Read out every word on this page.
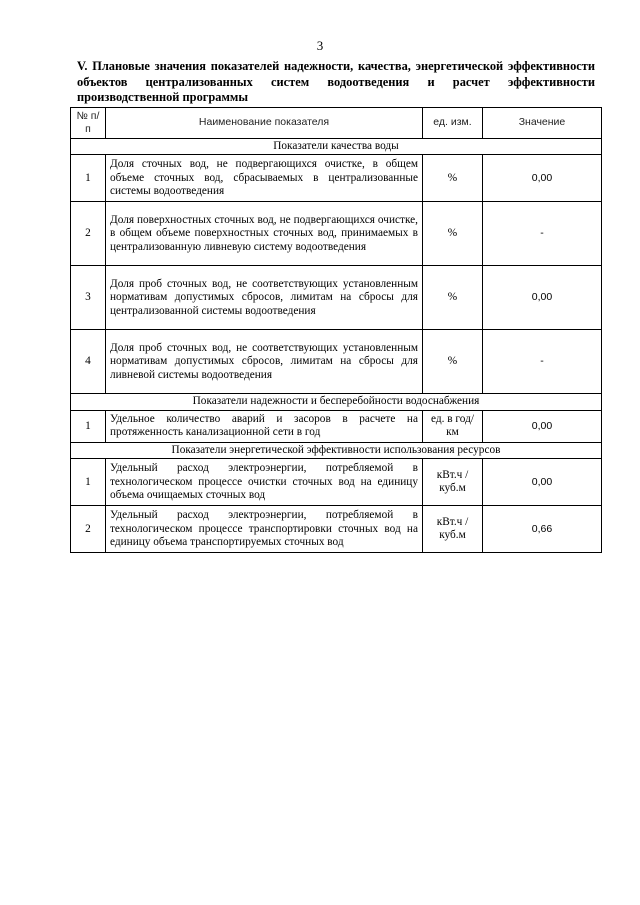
3
V. Плановые значения показателей надежности, качества, энергетической эффективности объектов централизованных систем водоотведения и расчет эффективности производственной программы
№ п/п	Наименование показателя	ед. изм.	Значение
Показатели качества воды			
1	Доля сточных вод, не подвергающихся очистке, в общем объеме сточных вод, сбрасываемых в централизованные системы водоотведения	%	0,00
2	Доля поверхностных сточных вод, не подвергающихся очистке, в общем объеме поверхностных сточных вод, принимаемых в централизованную ливневую систему водоотведения	%	-
3	Доля проб сточных вод, не соответствующих установленным нормативам допустимых сбросов, лимитам на сбросы для централизованной системы водоотведения	%	0,00
4	Доля проб сточных вод, не соответствующих установленным нормативам допустимых сбросов, лимитам на сбросы для ливневой системы водоотведения	%	-
Показатели надежности и бесперебойности водоснабжения			
1	Удельное количество аварий и засоров в расчете на протяженность канализационной сети в год	ед. в год/ км	0,00
Показатели энергетической эффективности использования ресурсов			
1	Удельный расход электроэнергии, потребляемой в технологическом процессе очистки сточных вод на единицу объема очищаемых сточных вод	кВт.ч / куб.м	0,00
2	Удельный расход электроэнергии, потребляемой в технологическом процессе транспортировки сточных вод на единицу объема транспортируемых сточных вод	кВт.ч / куб.м	0,66
